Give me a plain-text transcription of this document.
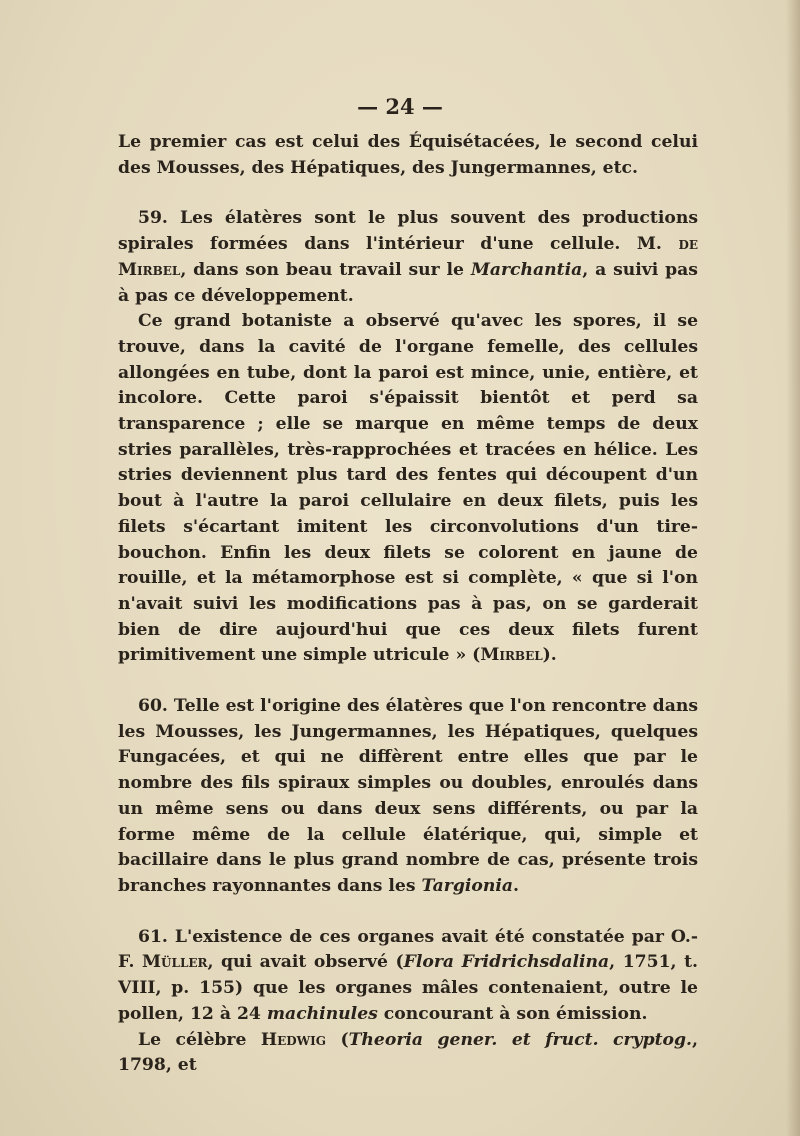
— 24 —

Le premier cas est celui des Équisétacées, le second celui des Mousses, des Hépatiques, des Jungermannes, etc.

59. Les élatères sont le plus souvent des productions spirales formées dans l'intérieur d'une cellule. M. de Mirbel, dans son beau travail sur le Marchantia, a suivi pas à pas ce développement.

Ce grand botaniste a observé qu'avec les spores, il se trouve, dans la cavité de l'organe femelle, des cellules allongées en tube, dont la paroi est mince, unie, entière, et incolore. Cette paroi s'épaissit bientôt et perd sa transparence ; elle se marque en même temps de deux stries parallèles, très-rapprochées et tracées en hélice. Les stries deviennent plus tard des fentes qui découpent d'un bout à l'autre la paroi cellulaire en deux filets, puis les filets s'écartant imitent les circonvolutions d'un tire-bouchon. Enfin les deux filets se colorent en jaune de rouille, et la métamorphose est si complète, « que si l'on n'avait suivi les modifications pas à pas, on se garderait bien de dire aujourd'hui que ces deux filets furent primitivement une simple utricule » (Mirbel).

60. Telle est l'origine des élatères que l'on rencontre dans les Mousses, les Jungermannes, les Hépatiques, quelques Fungacées, et qui ne diffèrent entre elles que par le nombre des fils spiraux simples ou doubles, enroulés dans un même sens ou dans deux sens différents, ou par la forme même de la cellule élatérique, qui, simple et bacillaire dans le plus grand nombre de cas, présente trois branches rayonnantes dans les Targionia.

61. L'existence de ces organes avait été constatée par O.-F. Müller, qui avait observé (Flora Fridrichsdalina, 1751, t. VIII, p. 155) que les organes mâles contenaient, outre le pollen, 12 à 24 machinules concourant à son émission.

Le célèbre Hedwig (Theoria gener. et fruct. cryptog., 1798, et
